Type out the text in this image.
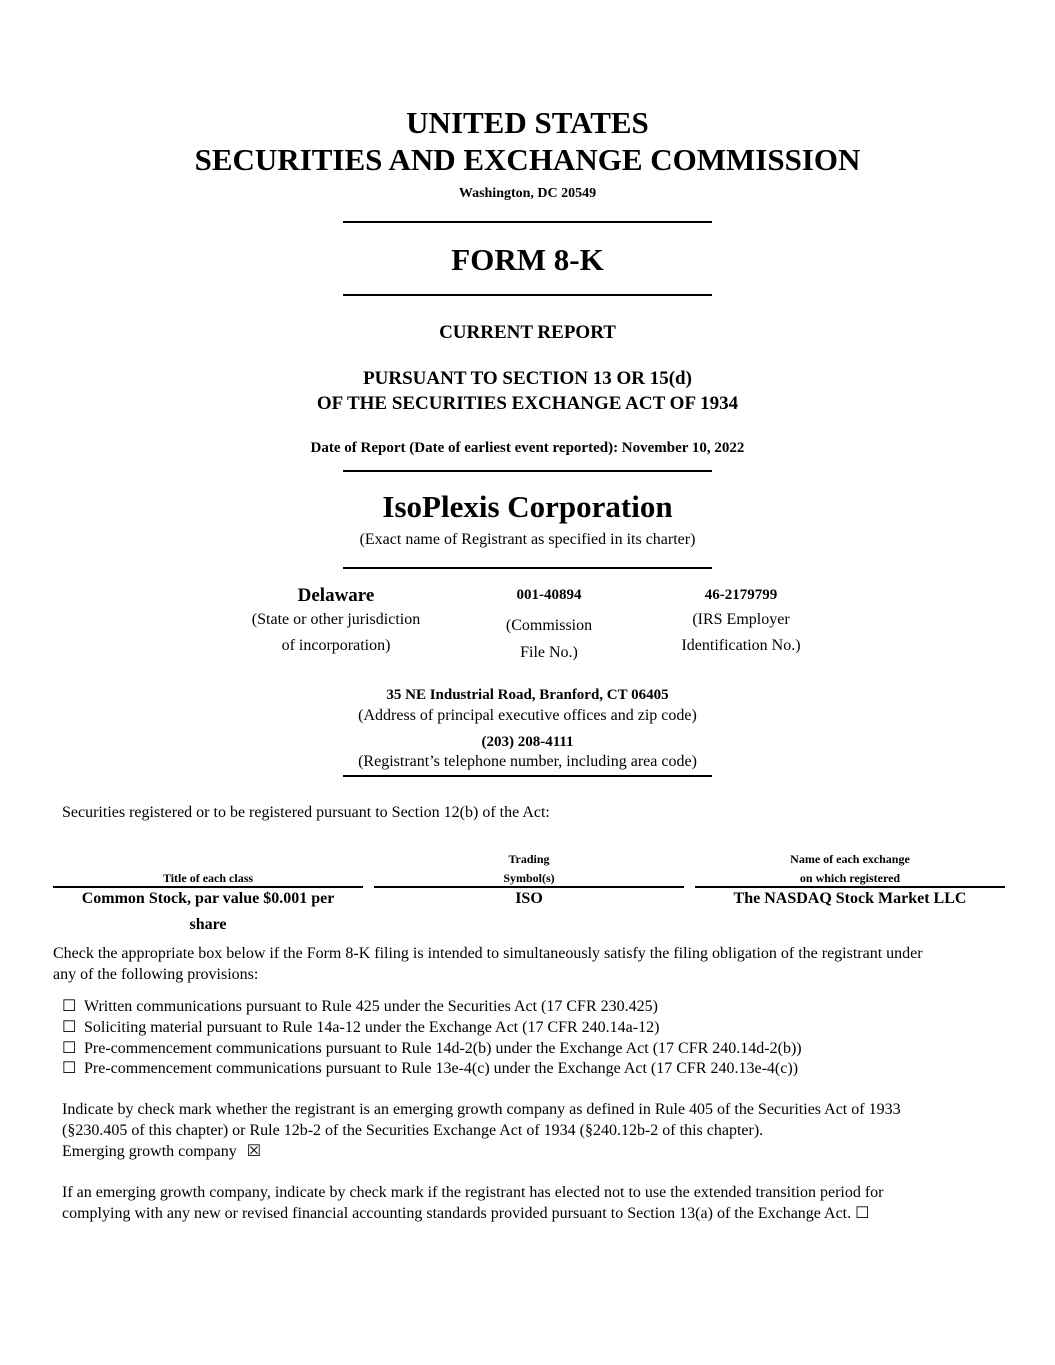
UNITED STATES
SECURITIES AND EXCHANGE COMMISSION
Washington, DC 20549
FORM 8-K
CURRENT REPORT
PURSUANT TO SECTION 13 OR 15(d)
OF THE SECURITIES EXCHANGE ACT OF 1934
Date of Report (Date of earliest event reported): November 10, 2022
IsoPlexis Corporation
(Exact name of Registrant as specified in its charter)
Delaware
(State or other jurisdiction
of incorporation)
001-40894
(Commission
File No.)
46-2179799
(IRS Employer
Identification No.)
35 NE Industrial Road, Branford, CT 06405
(Address of principal executive offices and zip code)
(203) 208-4111
(Registrant’s telephone number, including area code)
Securities registered or to be registered pursuant to Section 12(b) of the Act:
Title of each class
Trading
Symbol(s)
Name of each exchange
on which registered
Common Stock, par value $0.001 per
share
ISO	The NASDAQ Stock Market LLC
Check the appropriate box below if the Form 8-K filing is intended to simultaneously satisfy the filing obligation of the registrant under
any of the following provisions:
☐ Written communications pursuant to Rule 425 under the Securities Act (17 CFR 230.425)
☐ Soliciting material pursuant to Rule 14a-12 under the Exchange Act (17 CFR 240.14a-12)
☐ Pre-commencement communications pursuant to Rule 14d-2(b) under the Exchange Act (17 CFR 240.14d-2(b))
☐ Pre-commencement communications pursuant to Rule 13e-4(c) under the Exchange Act (17 CFR 240.13e-4(c))
Indicate by check mark whether the registrant is an emerging growth company as defined in Rule 405 of the Securities Act of 1933
(§230.405 of this chapter) or Rule 12b-2 of the Securities Exchange Act of 1934 (§240.12b-2 of this chapter).
Emerging growth company ☒
If an emerging growth company, indicate by check mark if the registrant has elected not to use the extended transition period for
complying with any new or revised financial accounting standards provided pursuant to Section 13(a) of the Exchange Act. ☐
